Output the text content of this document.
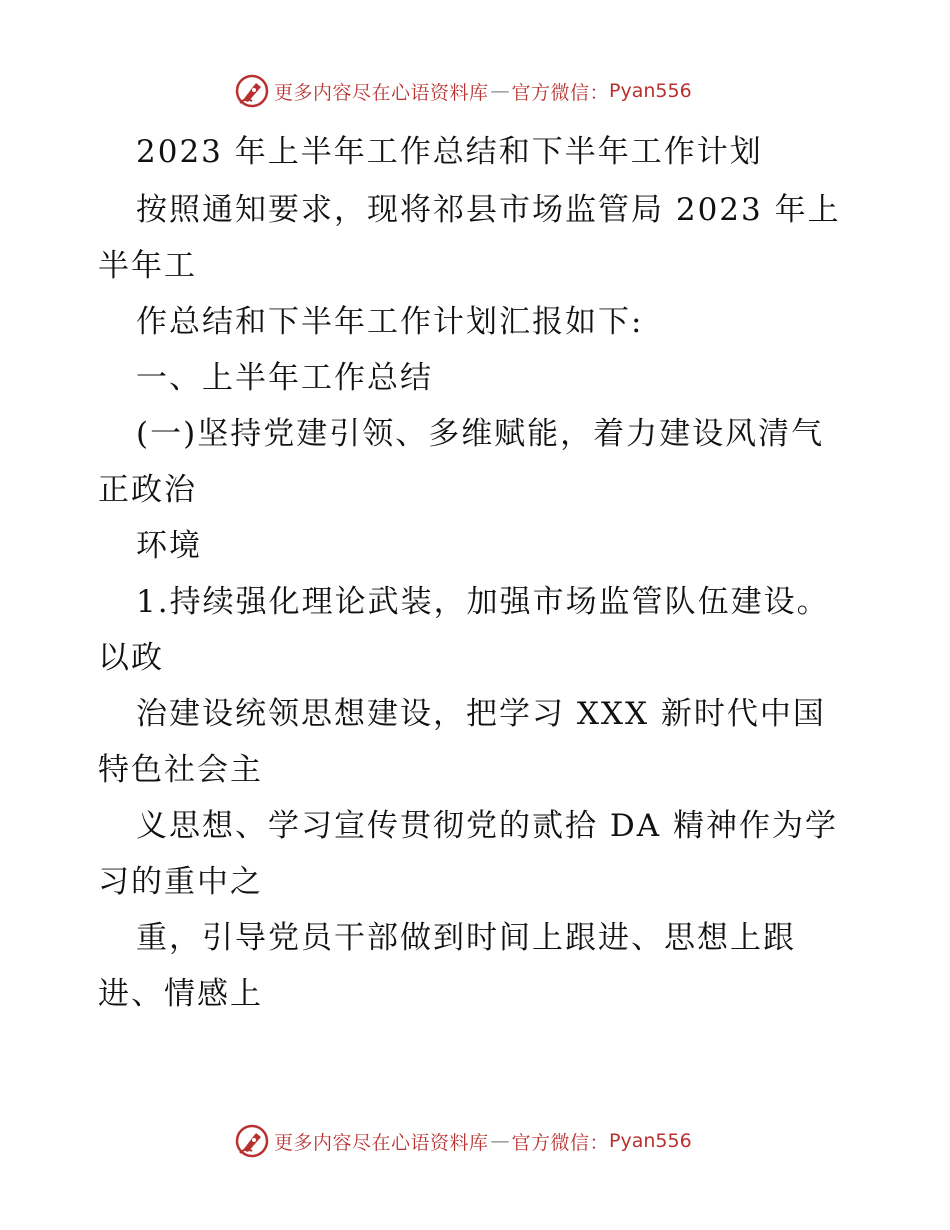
更多内容尽在心语资料库 — 官方微信： Pyan556

2023 年上半年工作总结和下半年工作计划

按照通知要求，现将祁县市场监管局 2023 年上

半年工

作总结和下半年工作计划汇报如下:

一、上半年工作总结

(一)坚持党建引领、多维赋能，着力建设风清气

正政治

环境

1.持续强化理论武装，加强市场监管队伍建设。

以政

治建设统领思想建设，把学习 XXX 新时代中国

特色社会主

义思想、学习宣传贯彻党的贰拾 DA 精神作为学

习的重中之

重，引导党员干部做到时间上跟进、思想上跟

进、情感上

更多内容尽在心语资料库 — 官方微信： Pyan556
